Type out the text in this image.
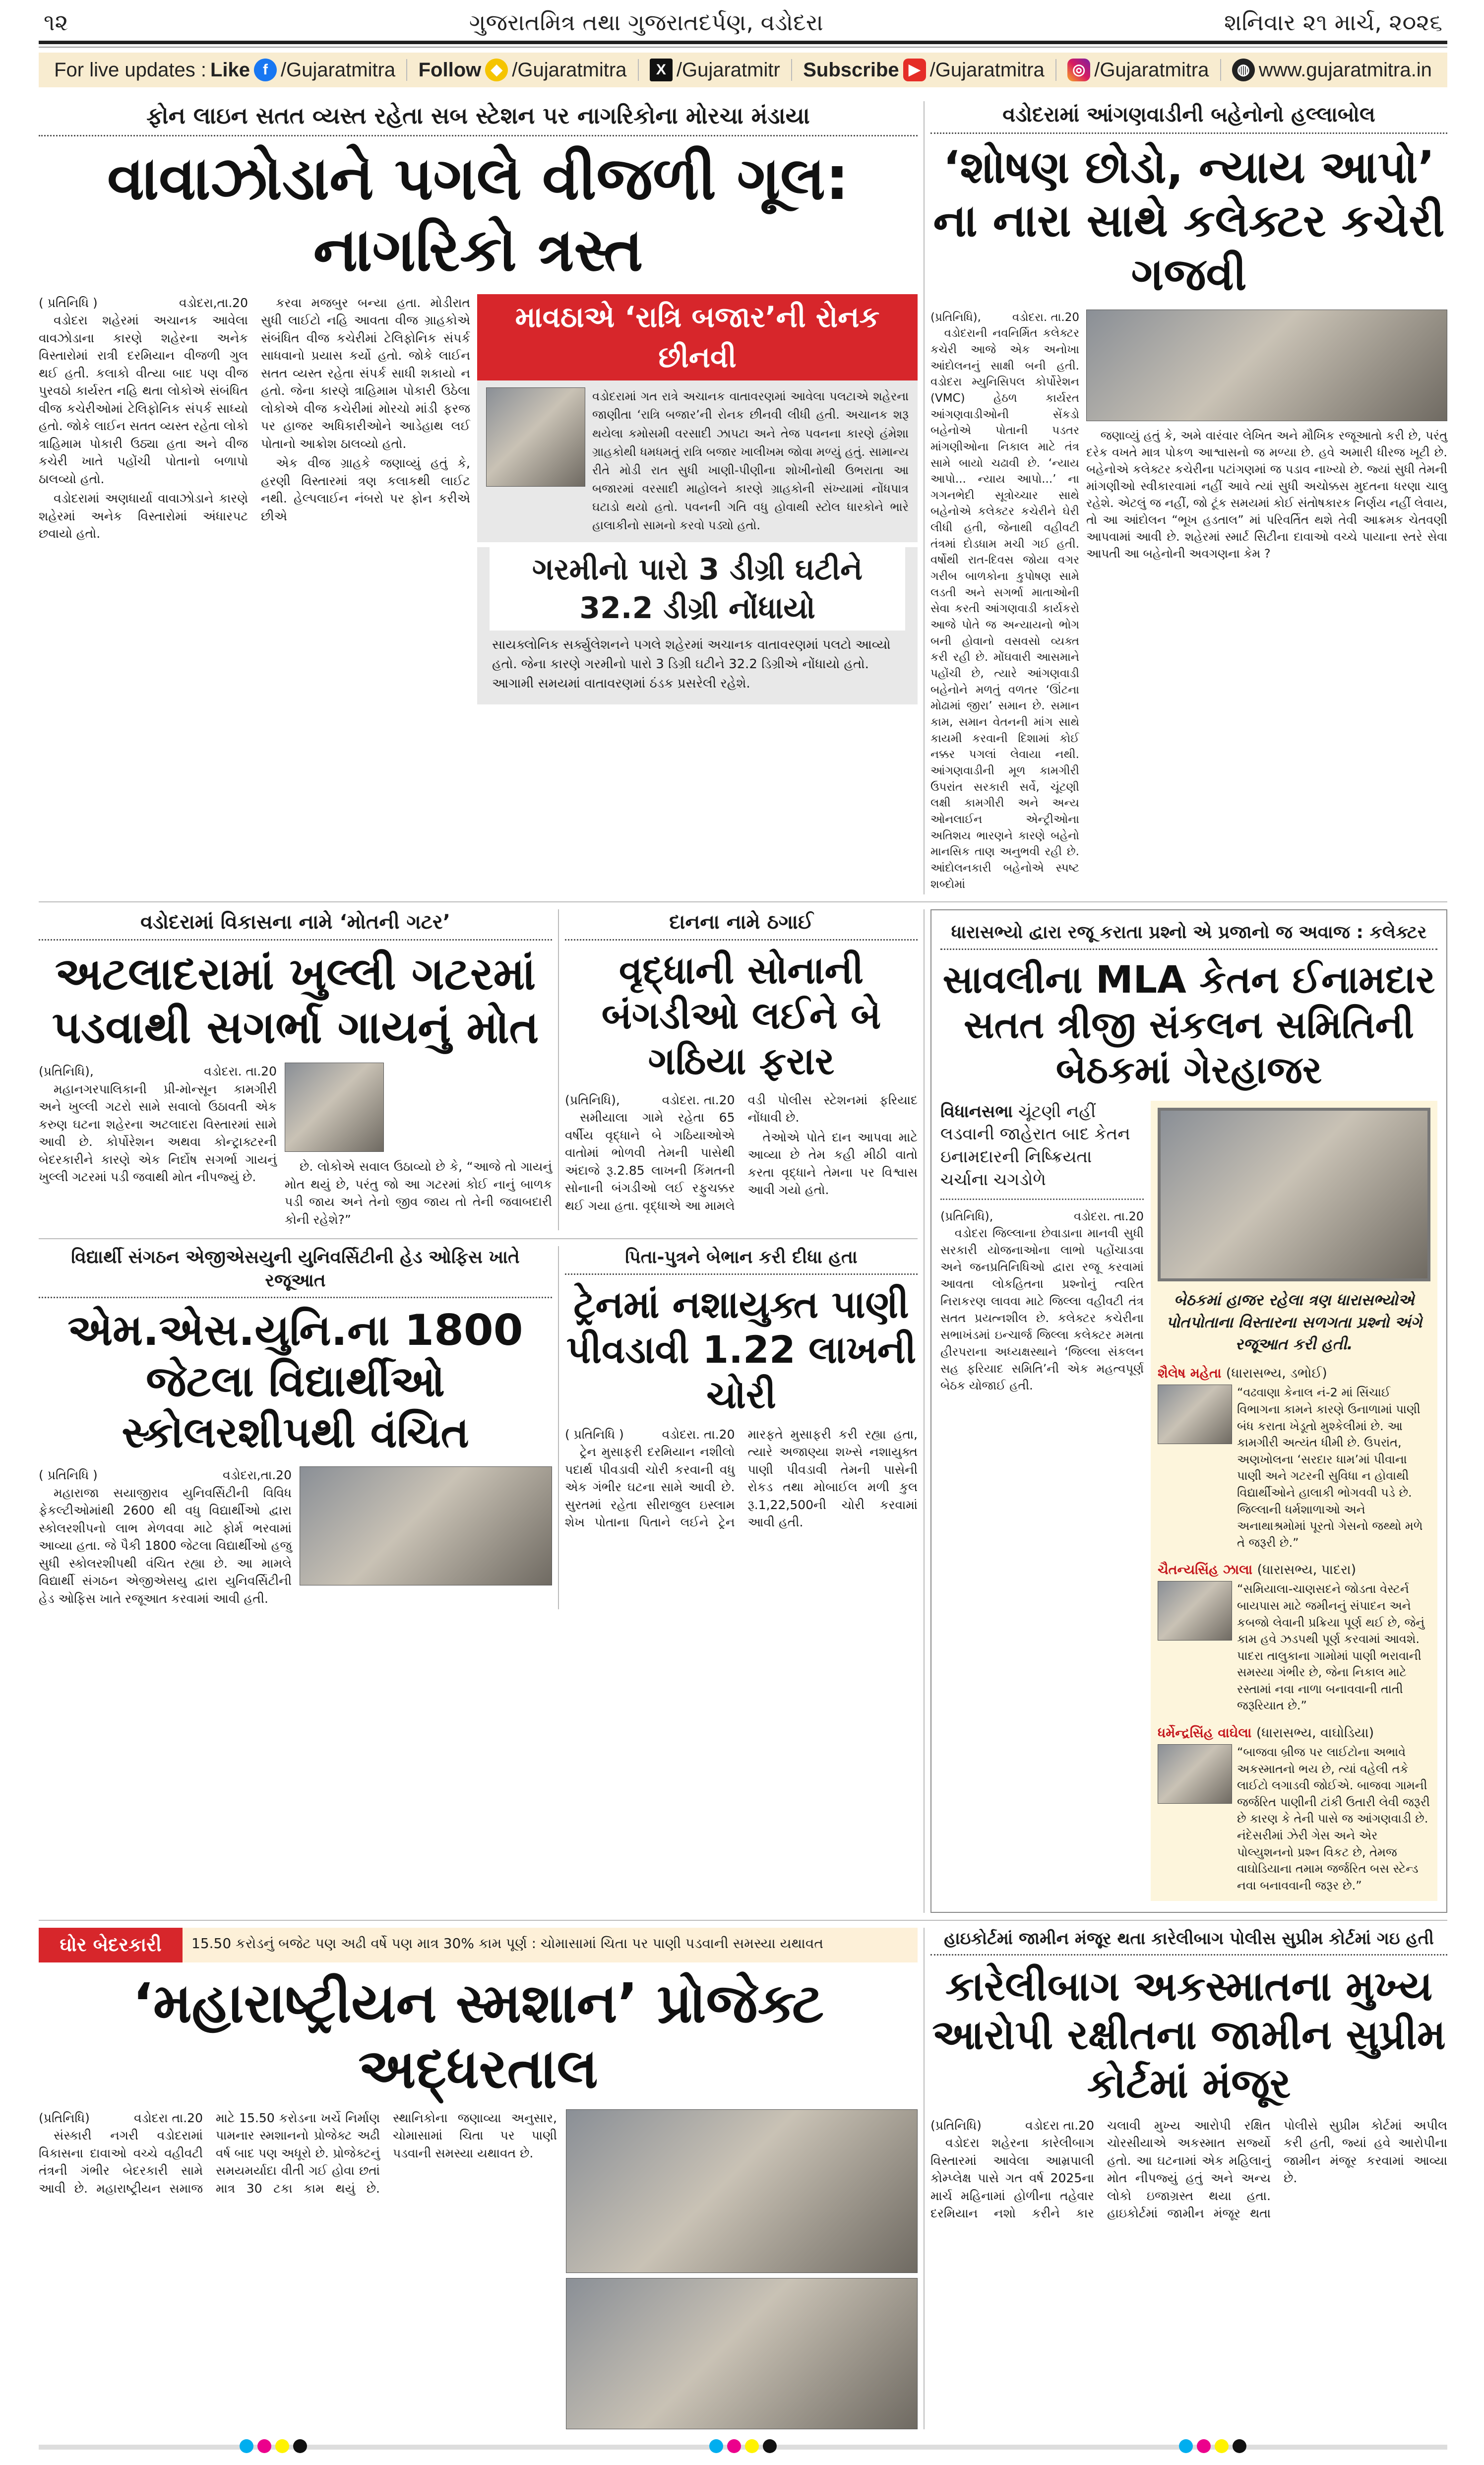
૧૨	ગુજરાતમિત્ર તથા ગુજરાતદર્પણ, વડોદરા	શનિવાર ૨૧ માર્ચ, ૨૦૨૬
For live updates : Like f /Gujaratmitra Follow ◆ /Gujaratmitra	X /Gujaratmitr Subscribe ▶ /Gujaratmitra	◎ /Gujaratmitra	◍ www.gujaratmitra.in
ફોન લાઇન સતત વ્યસ્ત રહેતા સબ સ્ટેશન પર નાગરિકોના મોરચા મંડાયા
વાવાઝોડાને પગલે વીજળી ગૂલ: નાગરિકો ત્રસ્ત
( પ્રતિનિધિ )	વડોદરા,તા.20

વડોદરા શહેરમાં અચાનક આવેલા વાવઝોડાના કારણે શહેરના અનેક વિસ્તારોમાં રાત્રી દરમિયાન વીજળી ગુલ થઈ હતી. કલાકો વીત્યા બાદ પણ વીજ પુરવઠો કાર્યરત નહિ થતા લોકોએ સંબંધિત વીજ કચેરીઓમાં ટેલિફોનિક સંપર્ક સાધ્યો હતો. જોકે લાઈન સતત વ્યસ્ત રહેતા લોકો ત્રાહિમામ પોકારી ઉઠ્યા હતા અને વીજ કચેરી ખાતે પહોંચી પોતાનો બળાપો ઠાલવ્યો હતો.

વડોદરામાં અણધાર્યા વાવાઝોડાને કારણે શહેરમાં અનેક વિસ્તારોમાં અંધારપટ છવાયો હતો.

કરવા મજબુર બન્યા હતા. મોડીરાત સુધી લાઈટો નહિ આવતા વીજ ગ્રાહકોએ સંબંધિત વીજ કચેરીમાં ટેલિફોનિક સંપર્ક સાધવાનો પ્રયાસ કર્યો હતો. જોકે લાઈન સતત વ્યસ્ત રહેતા સંપર્ક સાધી શકાયો ન હતો. જેના કારણે ત્રાહિમામ પોકારી ઉઠેલા લોકોએ વીજ કચેરીમાં મોરચો માંડી ફરજ પર હાજર અધિકારીઓને આડેહાથ લઈ પોતાનો આક્રોશ ઠાલવ્યો હતો.

એક વીજ ગ્રાહકે જણાવ્યું હતું કે, હરણી વિસ્તારમાં ત્રણ કલાકથી લાઈટ નથી. હેલ્પલાઈન નંબરો પર ફોન કરીએ છીએ

માવઠાએ ‘રાત્રિ બજાર’ની રોનક છીનવી
વડોદરામાં ગત રાત્રે અચાનક વાતાવરણમાં આવેલા પલટાએ શહેરના જાણીતા ‘રાત્રિ બજાર’ની રોનક છીનવી લીધી હતી. અચાનક શરૂ થયેલા કમોસમી વરસાદી ઝાપટા અને તેજ પવનના કારણે હંમેશા ગ્રાહકોથી ધમધમતું રાત્રિ બજાર ખાલીખમ જોવા મળ્યું હતું. સામાન્ય રીતે મોડી રાત સુધી ખાણી-પીણીના શોખીનોથી ઉભરાતા આ બજારમાં વરસાદી માહોલને કારણે ગ્રાહકોની સંખ્યામાં નોંધપાત્ર ઘટાડો થયો હતો. પવનની ગતિ વધુ હોવાથી સ્ટોલ ધારકોને ભારે હાલાકીનો સામનો કરવો પડ્યો હતો.
ગરમીનો પારો 3 ડીગ્રી ઘટીને 32.2 ડીગ્રી નોંધાયો
સાયક્લોનિક સર્ક્યુલેશનને પગલે શહેરમાં અચાનક વાતાવરણમાં પલટો આવ્યો હતો. જેના કારણે ગરમીનો પારો 3 ડિગ્રી ઘટીને 32.2 ડિગ્રીએ નોંધાયો હતો. આગામી સમયમાં વાતાવરણમાં ઠંડક પ્રસરેલી રહેશે.
વડોદરામાં આંગણવાડીની બહેનોનો હલ્લાબોલ
‘શોષણ છોડો, ન્યાય આપો’ ના નારા સાથે કલેક્ટર કચેરી ગજવી
(પ્રતિનિધિ),	વડોદરા. તા.20

વડોદરાની નવનિર્મિત કલેક્ટર કચેરી આજે એક અનોખા આંદોલનનું સાક્ષી બની હતી. વડોદરા મ્યુનિસિપલ કોર્પોરેશન (VMC) હેઠળ કાર્યરત આંગણવાડીઓની સેંકડો બહેનોએ પોતાની પડતર માંગણીઓના નિકાલ માટે તંત્ર સામે બાયો ચઢાવી છે. ‘ન્યાય આપો... ન્યાય આપો...’ ના ગગનભેદી સૂત્રોચ્ચાર સાથે બહેનોએ કલેક્ટર કચેરીને ઘેરી લીધી હતી, જેનાથી વહીવટી તંત્રમાં દોડધામ મચી ગઈ હતી. વર્ષોથી રાત-દિવસ જોયા વગર ગરીબ બાળકોના કુપોષણ સામે લડતી અને સગર્ભા માતાઓની સેવા કરતી આંગણવાડી કાર્યકરો આજે પોતે જ અન્યાયનો ભોગ બની હોવાનો વસવસો વ્યક્ત કરી રહી છે. મોંઘવારી આસમાને પહોંચી છે, ત્યારે આંગણવાડી બહેનોને મળતું વળતર ‘ઊંટના મોઢામાં જીરા’ સમાન છે. સમાન કામ, સમાન વેતનની માંગ સાથે કાયમી કરવાની દિશામાં કોઈ નક્કર પગલાં લેવાયા નથી. આંગણવાડીની મૂળ કામગીરી ઉપરાંત સરકારી સર્વે, ચૂંટણી લક્ષી કામગીરી અને અન્ય ઓનલાઈન એન્ટ્રીઓના અતિશય ભારણને કારણે બહેનો માનસિક તાણ અનુભવી રહી છે. આંદોલનકારી બહેનોએ સ્પષ્ટ શબ્દોમાં

જણાવ્યું હતું કે, અમે વારંવાર લેખિત અને મૌખિક રજૂઆતો કરી છે, પરંતુ દરેક વખતે માત્ર પોકળ આશ્વાસનો જ મળ્યા છે. હવે અમારી ધીરજ ખૂટી છે. બહેનોએ કલેક્ટર કચેરીના પટાંગણમાં જ પડાવ નાખ્યો છે. જ્યાં સુધી તેમની માંગણીઓ સ્વીકારવામાં નહીં આવે ત્યાં સુધી અચોક્કસ મુદતના ધરણા ચાલુ રહેશે. એટલું જ નહીં, જો ટૂંક સમયમાં કોઈ સંતોષકારક નિર્ણય નહીં લેવાય, તો આ આંદોલન “ભૂખ હડતાલ” માં પરિવર્તિત થશે તેવી આક્રમક ચેતવણી આપવામાં આવી છે. શહેરમાં સ્માર્ટ સિટીના દાવાઓ વચ્ચે પાયાના સ્તરે સેવા આપતી આ બહેનોની અવગણના કેમ ?

વડોદરામાં વિકાસના નામે ‘મોતની ગટર’
અટલાદરામાં ખુલ્લી ગટરમાં પડવાથી સગર્ભા ગાયનું મોત
(પ્રતિનિધિ),	વડોદરા. તા.20

મહાનગરપાલિકાની પ્રી-મોન્સૂન કામગીરી અને ખુલ્લી ગટરો સામે સવાલો ઉઠાવતી એક કરુણ ઘટના શહેરના અટલાદરા વિસ્તારમાં સામે આવી છે. કોર્પોરેશન અથવા કોન્ટ્રાક્ટરની બેદરકારીને કારણે એક નિર્દોષ સગર્ભા ગાયનું ખુલ્લી ગટરમાં પડી જવાથી મોત નીપજ્યું છે.

છે. લોકોએ સવાલ ઉઠાવ્યો છે કે, “આજે તો ગાયનું મોત થયું છે, પરંતુ જો આ ગટરમાં કોઈ નાનું બાળક પડી જાય અને તેનો જીવ જાય તો તેની જવાબદારી કોની રહેશે?”

દાનના નામે ઠગાઈ
વૃદ્ધાની સોનાની બંગડીઓ લઈને બે ગઠિયા ફરાર
(પ્રતિનિધિ),	વડોદરા. તા.20

સમીયાલા ગામે રહેતા 65 વર્ષીય વૃદ્ધાને બે ગઠિયાઓએ વાતોમાં ભોળવી તેમની પાસેથી અંદાજે રૂ.2.85 લાખની કિંમતની સોનાની બંગડીઓ લઈ રફુચક્કર થઈ ગયા હતા. વૃદ્ધાએ આ મામલે વડી પોલીસ સ્ટેશનમાં ફરિયાદ નોંધાવી છે.

તેઓએ પોતે દાન આપવા માટે આવ્યા છે તેમ કહી મીઠી વાતો કરતા વૃદ્ધાને તેમના પર વિશ્વાસ આવી ગયો હતો.

વિદ્યાર્થી સંગઠન એજીએસયુની યુનિવર્સિટીની હેડ ઓફિસ ખાતે રજૂઆત
એમ.એસ.યુનિ.ના 1800 જેટલા વિદ્યાર્થીઓ સ્કોલરશીપથી વંચિત
( પ્રતિનિધિ )	વડોદરા,તા.20

મહારાજા સયાજીરાવ યુનિવર્સિટીની વિવિધ ફેકલ્ટીઓમાંથી 2600 થી વધુ વિદ્યાર્થીઓ દ્વારા સ્કોલરશીપનો લાભ મેળવવા માટે ફોર્મ ભરવામાં આવ્યા હતા. જે પૈકી 1800 જેટલા વિદ્યાર્થીઓ હજુ સુધી સ્કોલરશીપથી વંચિત રહ્યા છે. આ મામલે વિદ્યાર્થી સંગઠન એજીએસયુ દ્વારા યુનિવર્સિટીની હેડ ઓફિસ ખાતે રજૂઆત કરવામાં આવી હતી.

પિતા-પુત્રને બેભાન કરી દીધા હતા
ટ્રેનમાં નશાયુક્ત પાણી પીવડાવી 1.22 લાખની ચોરી
( પ્રતિનિધિ )	વડોદરા. તા.20

ટ્રેન મુસાફરી દરમિયાન નશીલો પદાર્થ પીવડાવી ચોરી કરવાની વધુ એક ગંભીર ઘટના સામે આવી છે. સુરતમાં રહેતા સીરાજુલ ઇસ્લામ શેખ પોતાના પિતાને લઈને ટ્રેન મારફતે મુસાફરી કરી રહ્યા હતા, ત્યારે અજાણ્યા શખ્સે નશાયુક્ત પાણી પીવડાવી તેમની પાસેની રોકડ તથા મોબાઈલ મળી કુલ રૂ.1,22,500ની ચોરી કરવામાં આવી હતી.

ધારાસભ્યો દ્વારા રજૂ કરાતા પ્રશ્નો એ પ્રજાનો જ અવાજ : કલેક્ટર
સાવલીના MLA કેતન ઈનામદાર સતત ત્રીજી સંકલન સમિતિની બેઠકમાં ગેરહાજર
વિધાનસભા ચૂંટણી નહીં લડવાની જાહેરાત બાદ કેતન ઇનામદારની નિષ્ક્રિયતા ચર્ચાના ચગડોળે
(પ્રતિનિધિ),	વડોદરા. તા.20

વડોદરા જિલ્લાના છેવાડાના માનવી સુધી સરકારી યોજનાઓના લાભો પહોંચાડવા અને જનપ્રતિનિધિઓ દ્વારા રજૂ કરવામાં આવતા લોકહિતના પ્રશ્નોનું ત્વરિત નિરાકરણ લાવવા માટે જિલ્લા વહીવટી તંત્ર સતત પ્રયત્નશીલ છે. કલેક્ટર કચેરીના સભાખંડમાં ઇન્ચાર્જ જિલ્લા કલેક્ટર મમતા હીરપરાના અધ્યક્ષસ્થાને ‘જિલ્લા સંકલન સહ ફરિયાદ સમિતિ’ની એક મહત્વપૂર્ણ બેઠક યોજાઈ હતી.

બેઠકમાં હાજર રહેલા ત્રણ ધારાસભ્યોએ પોતપોતાના વિસ્તારના સળગતા પ્રશ્નો અંગે રજૂઆત કરી હતી.
શૈલેષ મહેતા (ધારાસભ્ય, ડભોઈ)
“વઢવાણા કેનાલ નં-2 માં સિંચાઈ વિભાગના કામને કારણે ઉનાળામાં પાણી બંધ કરાતા ખેડૂતો મુશ્કેલીમાં છે. આ કામગીરી અત્યંત ધીમી છે. ઉપરાંત, અણખોલના ‘સરદાર ધામ’માં પીવાના પાણી અને ગટરની સુવિધા ન હોવાથી વિદ્યાર્થીઓને હાલાકી ભોગવવી પડે છે. જિલ્લાની ધર્મશાળાઓ અને અનાથાશ્રમોમાં પૂરતો ગેસનો જથ્થો મળે તે જરૂરી છે.”
ચૈતન્યસિંહ ઝાલા (ધારાસભ્ય, પાદરા)
“સમિયાલા-ચાણસદને જોડતા વેસ્ટર્ન બાયપાસ માટે જમીનનું સંપાદન અને કબજો લેવાની પ્રક્રિયા પૂર્ણ થઈ છે, જેનું કામ હવે ઝડપથી પૂર્ણ કરવામાં આવશે. પાદરા તાલુકાના ગામોમાં પાણી ભરાવાની સમસ્યા ગંભીર છે, જેના નિકાલ માટે રસ્તામાં નવા નાળા બનાવવાની તાતી જરૂરિયાત છે.”
ધર્મેન્દ્રસિંહ વાઘેલા (ધારાસભ્ય, વાઘોડિયા)
“બાજવા બ્રીજ પર લાઈટોના અભાવે અકસ્માતનો ભય છે, ત્યાં વહેલી તકે લાઈટો લગાડવી જોઈએ. બાજવા ગામની જર્જરિત પાણીની ટાંકી ઉતારી લેવી જરૂરી છે કારણ કે તેની પાસે જ આંગણવાડી છે. નંદેસરીમાં ઝેરી ગેસ અને એર પોલ્યુશનનો પ્રશ્ન વિકટ છે, તેમજ વાઘોડિયાના તમામ જર્જરિત બસ સ્ટેન્ડ નવા બનાવવાની જરૂર છે.”
ઘોર બેદરકારી	15.50 કરોડનું બજેટ પણ અઢી વર્ષે પણ માત્ર 30% કામ પૂર્ણ : ચોમાસામાં ચિતા પર પાણી પડવાની સમસ્યા યથાવત
‘મહારાષ્ટ્રીયન સ્મશાન’ પ્રોજેક્ટ અદ્ધરતાલ
(પ્રતિનિધિ)	વડોદરા તા.20

સંસ્કારી નગરી વડોદરામાં વિકાસના દાવાઓ વચ્ચે વહીવટી તંત્રની ગંભીર બેદરકારી સામે આવી છે. મહારાષ્ટ્રીયન સમાજ માટે 15.50 કરોડના ખર્ચે નિર્માણ પામનાર સ્મશાનનો પ્રોજેક્ટ અઢી વર્ષ બાદ પણ અધૂરો છે. પ્રોજેક્ટનું સમયમર્યાદા વીતી ગઈ હોવા છતાં માત્ર 30 ટકા કામ થયું છે. સ્થાનિકોના જણાવ્યા અનુસાર, ચોમાસામાં ચિતા પર પાણી પડવાની સમસ્યા યથાવત છે.

હાઇકોર્ટમાં જામીન મંજૂર થતા કારેલીબાગ પોલીસ સુપ્રીમ કોર્ટમાં ગઇ હતી
કારેલીબાગ અકસ્માતના મુખ્ય આરોપી રક્ષીતના જામીન સુપ્રીમ કોર્ટમાં મંજૂર
(પ્રતિનિધિ)	વડોદરા તા.20

વડોદરા શહેરના કારેલીબાગ વિસ્તારમાં આવેલા આમ્રપાલી કોમ્પ્લેક્ષ પાસે ગત વર્ષ 2025ના માર્ચ મહિનામાં હોળીના તહેવાર દરમિયાન નશો કરીને કાર ચલાવી મુખ્ય આરોપી રક્ષિત ચોરસીયાએ અકસ્માત સર્જ્યો હતો. આ ઘટનામાં એક મહિલાનું મોત નીપજ્યું હતું અને અન્ય લોકો ઇજાગ્રસ્ત થયા હતા. હાઇકોર્ટમાં જામીન મંજૂર થતા પોલીસે સુપ્રીમ કોર્ટમાં અપીલ કરી હતી, જ્યાં હવે આરોપીના જામીન મંજૂર કરવામાં આવ્યા છે.
